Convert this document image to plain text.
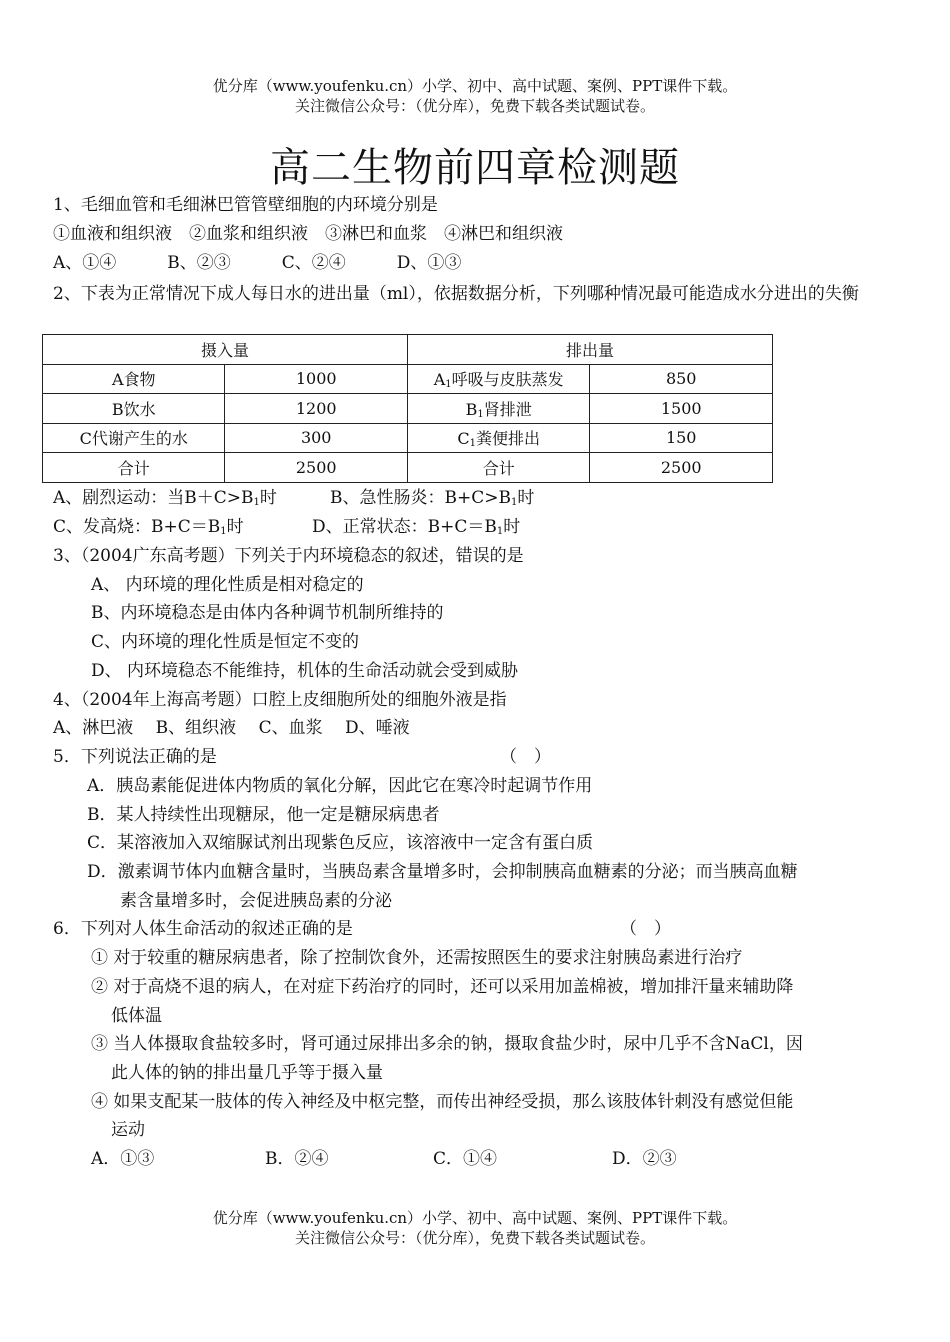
优分库（www.youfenku.cn）小学、初中、高中试题、案例、PPT课件下载。
关注微信公众号：（优分库），免费下载各类试题试卷。
高二生物前四章检测题
1、毛细血管和毛细淋巴管管壁细胞的内环境分别是
①血液和组织液　②血浆和组织液　③淋巴和血浆　④淋巴和组织液
A、①④　　　B、②③　　　C、②④　　　D、①③
2、下表为正常情况下成人每日水的进出量（ml），依据数据分析，下列哪种情况最可能造成水分进出的失衡
摄入量		排出量	
A食物	1000	$A_1$呼吸与皮肤蒸发	850
B饮水	1200	$B_1$肾排泄	1500
C代谢产生的水	300	$C_1$粪便排出	150
合计	2500	合计	2500
A、剧烈运动：当$B+C>B_1$时	B、急性肠炎：$B+C>B_1$时
C、发高烧：$B+C=B_1$时	D、正常状态：$B+C=B_1$时
3、（2004广东高考题）下列关于内环境稳态的叙述，错误的是
A、 内环境的理化性质是相对稳定的
B、内环境稳态是由体内各种调节机制所维持的
C、内环境的理化性质是恒定不变的
D、 内环境稳态不能维持，机体的生命活动就会受到威胁
4、（2004年上海高考题）口腔上皮细胞所处的细胞外液是指
A、淋巴液　 B、组织液　 C、血浆　 D、唾液
5．下列说法正确的是	（　）
A．胰岛素能促进体内物质的氧化分解，因此它在寒冷时起调节作用
B．某人持续性出现糖尿，他一定是糖尿病患者
C．某溶液加入双缩脲试剂出现紫色反应，该溶液中一定含有蛋白质
D．激素调节体内血糖含量时，当胰岛素含量增多时，会抑制胰高血糖素的分泌；而当胰高血糖
素含量增多时，会促进胰岛素的分泌
6．下列对人体生命活动的叙述正确的是	（　）
① 对于较重的糖尿病患者，除了控制饮食外，还需按照医生的要求注射胰岛素进行治疗
② 对于高烧不退的病人，在对症下药治疗的同时，还可以采用加盖棉被，增加排汗量来辅助降
低体温
③ 当人体摄取食盐较多时，肾可通过尿排出多余的钠，摄取食盐少时，尿中几乎不含NaCl，因
此人体的钠的排出量几乎等于摄入量
④ 如果支配某一肢体的传入神经及中枢完整，而传出神经受损，那么该肢体针刺没有感觉但能
运动
A．①③	B．②④	C．①④	D．②③
优分库（www.youfenku.cn）小学、初中、高中试题、案例、PPT课件下载。
关注微信公众号：（优分库），免费下载各类试题试卷。
